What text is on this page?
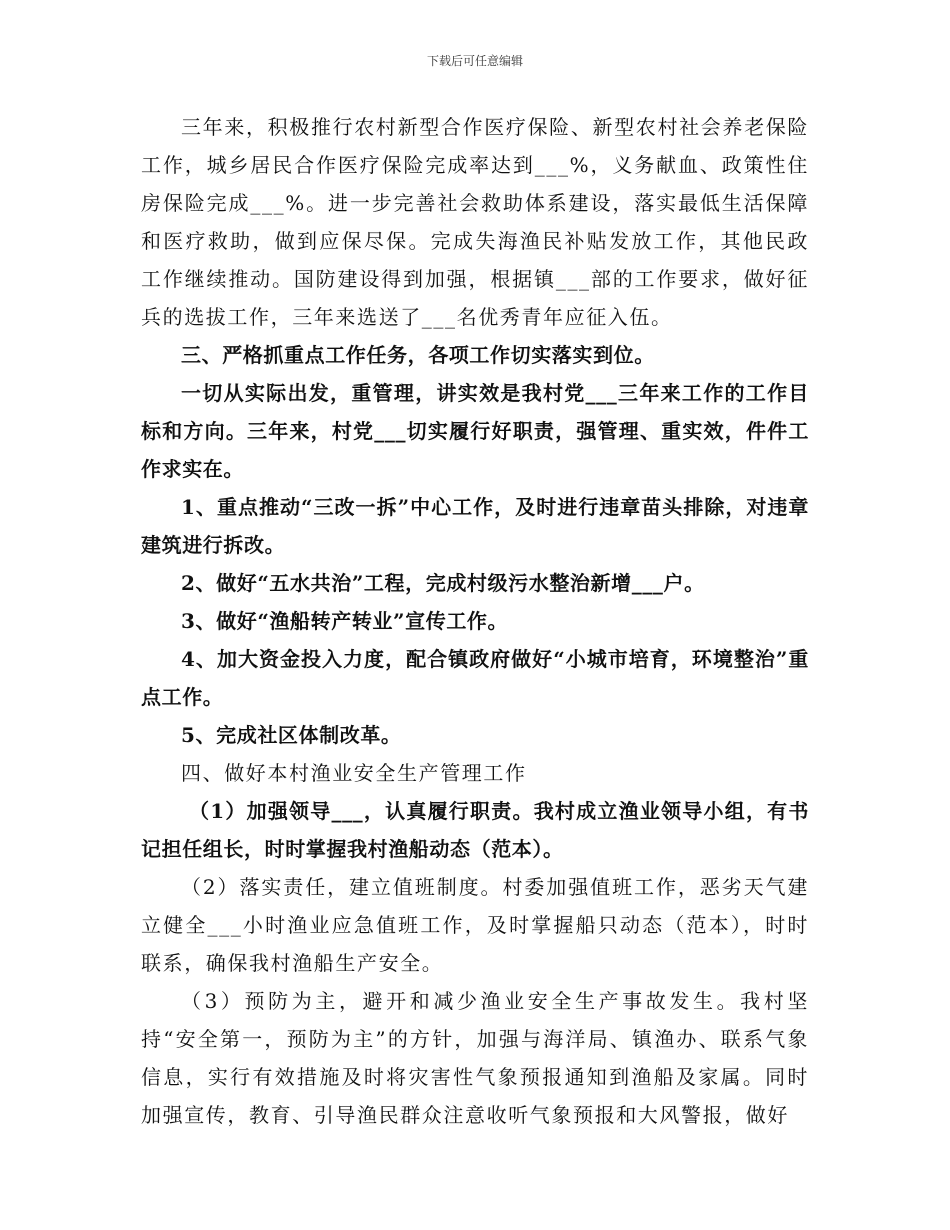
下载后可任意编辑

三年来，积极推行农村新型合作医疗保险、新型农村社会养老保险工作，城乡居民合作医疗保险完成率达到___%，义务献血、政策性住房保险完成___%。进一步完善社会救助体系建设，落实最低生活保障和医疗救助，做到应保尽保。完成失海渔民补贴发放工作，其他民政工作继续推动。国防建设得到加强，根据镇___部的工作要求，做好征兵的选拔工作，三年来选送了___名优秀青年应征入伍。

三、严格抓重点工作任务，各项工作切实落实到位。

一切从实际出发，重管理，讲实效是我村党___三年来工作的工作目标和方向。三年来，村党___切实履行好职责，强管理、重实效，件件工作求实在。

1、重点推动“三改一拆”中心工作，及时进行违章苗头排除，对违章建筑进行拆改。

2、做好“五水共治”工程，完成村级污水整治新增___户。

3、做好“渔船转产转业”宣传工作。

4、加大资金投入力度，配合镇政府做好“小城市培育，环境整治”重点工作。

5、完成社区体制改革。

四、做好本村渔业安全生产管理工作

（1）加强领导___，认真履行职责。我村成立渔业领导小组，有书记担任组长，时时掌握我村渔船动态（范本）。

（2）落实责任，建立值班制度。村委加强值班工作，恶劣天气建立健全___小时渔业应急值班工作，及时掌握船只动态（范本），时时联系，确保我村渔船生产安全。

（3）预防为主，避开和减少渔业安全生产事故发生。我村坚持“安全第一，预防为主”的方针，加强与海洋局、镇渔办、联系气象信息，实行有效措施及时将灾害性气象预报通知到渔船及家属。同时加强宣传，教育、引导渔民群众注意收听气象预报和大风警报，做好
